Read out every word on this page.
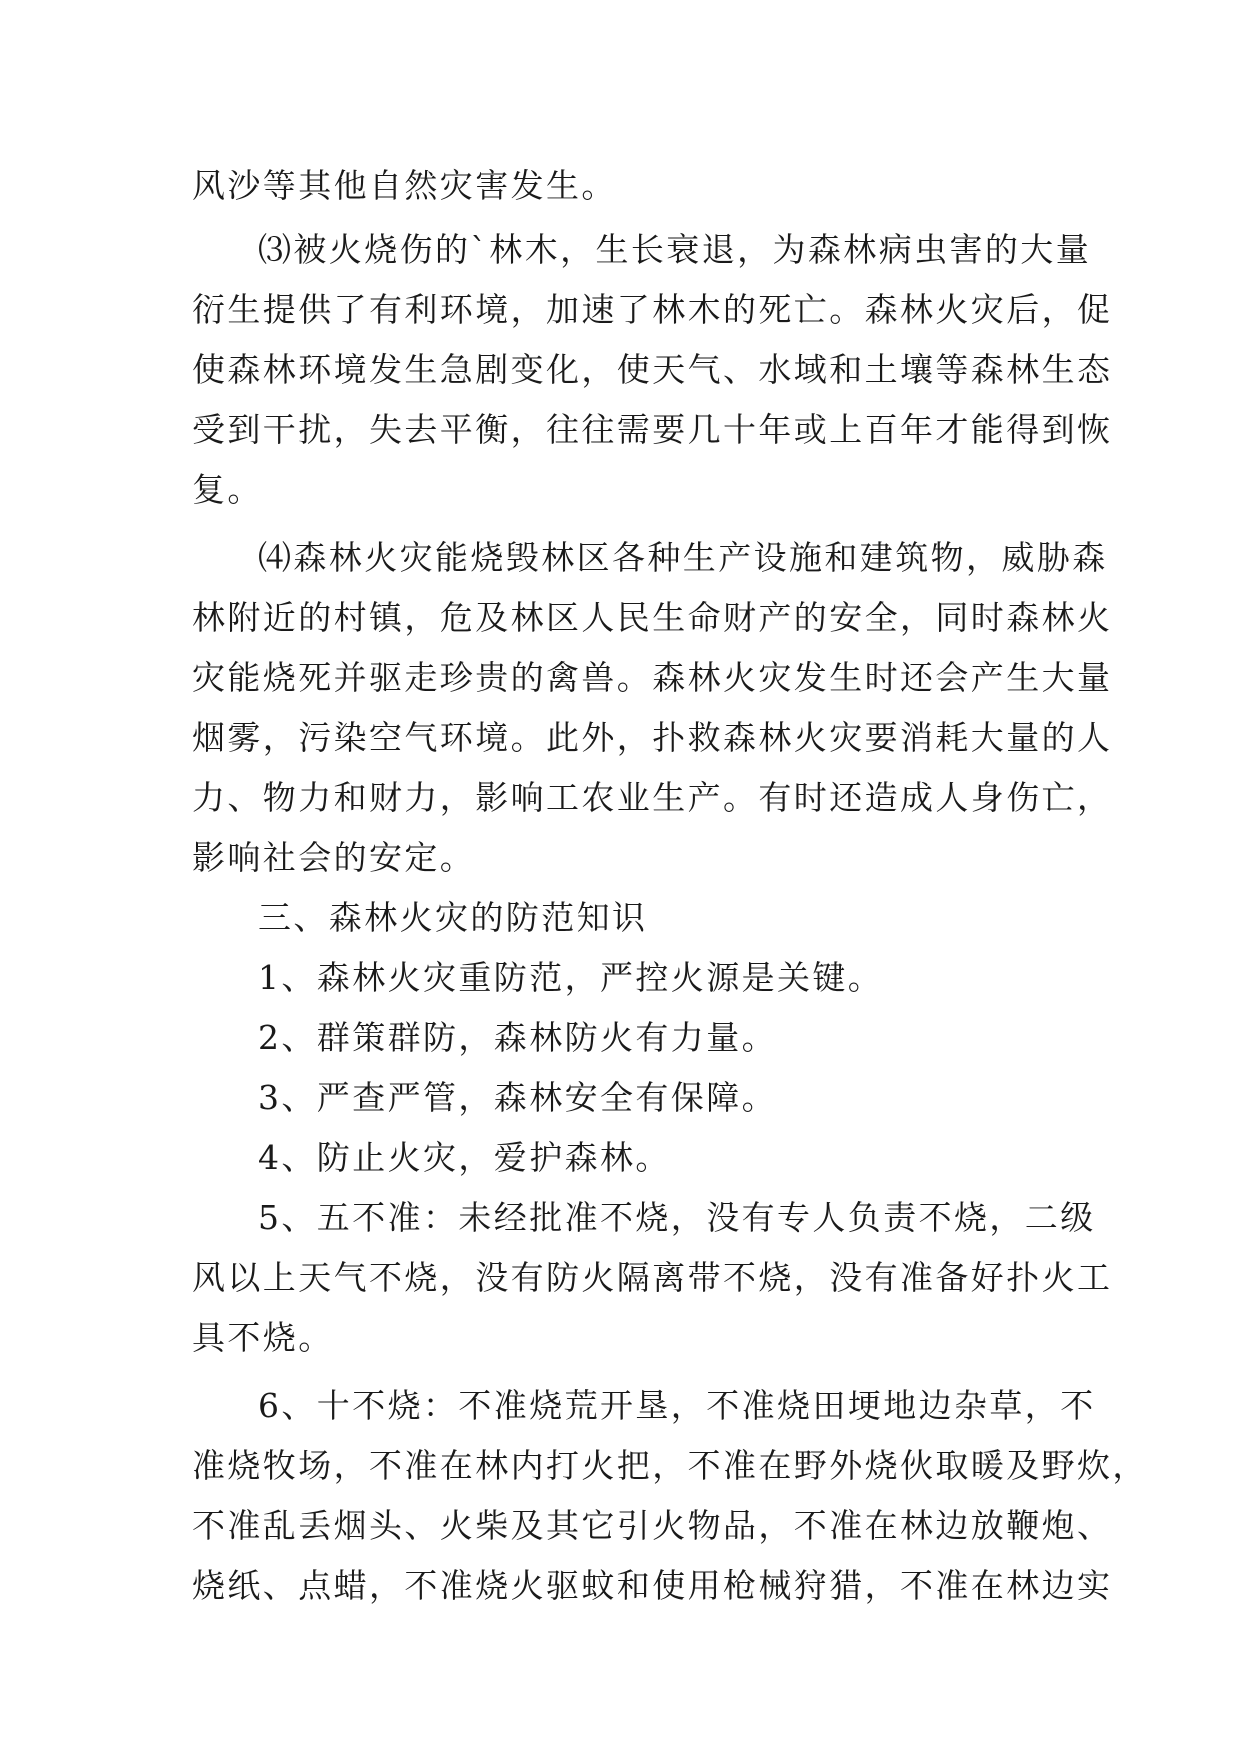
风沙等其他自然灾害发生。
⑶被火烧伤的`林木，生长衰退，为森林病虫害的大量
衍生提供了有利环境，加速了林木的死亡。森林火灾后，促
使森林环境发生急剧变化，使天气、水域和土壤等森林生态
受到干扰，失去平衡，往往需要几十年或上百年才能得到恢
复。
⑷森林火灾能烧毁林区各种生产设施和建筑物，威胁森
林附近的村镇，危及林区人民生命财产的安全，同时森林火
灾能烧死并驱走珍贵的禽兽。森林火灾发生时还会产生大量
烟雾，污染空气环境。此外，扑救森林火灾要消耗大量的人
力、物力和财力，影响工农业生产。有时还造成人身伤亡，
影响社会的安定。
三、森林火灾的防范知识
1、森林火灾重防范，严控火源是关键。
2、群策群防，森林防火有力量。
3、严查严管，森林安全有保障。
4、防止火灾，爱护森林。
5、五不准：未经批准不烧，没有专人负责不烧，二级
风以上天气不烧，没有防火隔离带不烧，没有准备好扑火工
具不烧。
6、十不烧：不准烧荒开垦，不准烧田埂地边杂草，不
准烧牧场，不准在林内打火把，不准在野外烧伙取暖及野炊，
不准乱丢烟头、火柴及其它引火物品，不准在林边放鞭炮、
烧纸、点蜡，不准烧火驱蚊和使用枪械狩猎，不准在林边实
